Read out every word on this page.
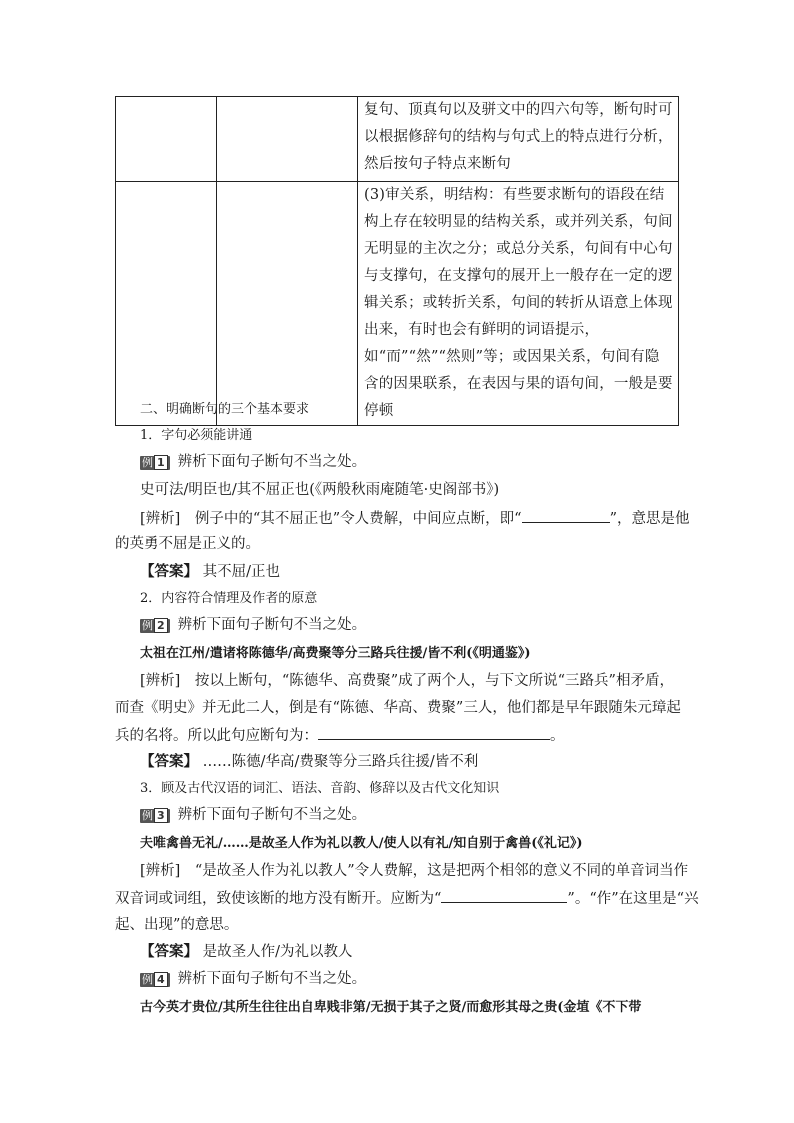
		复句、顶真句以及骈文中的四六句等，断句时可以根据修辞句的结构与句式上的特点进行分析，然后按句子特点来断句

		(3)审关系，明结构：有些要求断句的语段在结构上存在较明显的结构关系，或并列关系，句间无明显的主次之分；或总分关系，句间有中心句与支撑句，在支撑句的展开上一般存在一定的逻辑关系；或转折关系，句间的转折从语意上体现出来，有时也会有鲜明的词语提示，如“而”“然”“然则”等；或因果关系，句间有隐含的因果联系，在表因与果的语句间，一般是要停顿
二、明确断句的三个基本要求
1．字句必须能讲通
例 1 辨析下面句子断句不当之处。
史可法/明臣也/其不屈正也(《两般秋雨庵随笔·史阁部书》)
[辨析]　例子中的“其不屈正也”令人费解，中间应点断，即“	”，意思是他
的英勇不屈是正义的。
【答案】 其不屈/正也
2．内容符合情理及作者的原意
例 2 辨析下面句子断句不当之处。
太祖在江州/遣诸将陈德华/高费聚等分三路兵往援/皆不利(《明通鉴》)
[辨析]　按以上断句，“陈德华、高费聚”成了两个人，与下文所说“三路兵”相矛盾，
而查《明史》并无此二人，倒是有“陈德、华高、费聚”三人，他们都是早年跟随朱元璋起
兵的名将。所以此句应断句为：	。
【答案】 ……陈德/华高/费聚等分三路兵往援/皆不利
3．顾及古代汉语的词汇、语法、音韵、修辞以及古代文化知识
例 3 辨析下面句子断句不当之处。
夫唯禽兽无礼/……是故圣人作为礼以教人/使人以有礼/知自别于禽兽(《礼记》)
[辨析]　“是故圣人作为礼以教人”令人费解，这是把两个相邻的意义不同的单音词当作
双音词或词组，致使该断的地方没有断开。应断为“	”。“作”在这里是“兴
起、出现”的意思。
【答案】 是故圣人作/为礼以教人
例 4 辨析下面句子断句不当之处。
古今英才贵位/其所生往往出自卑贱非第/无损于其子之贤/而愈形其母之贵(金埴《不下带
